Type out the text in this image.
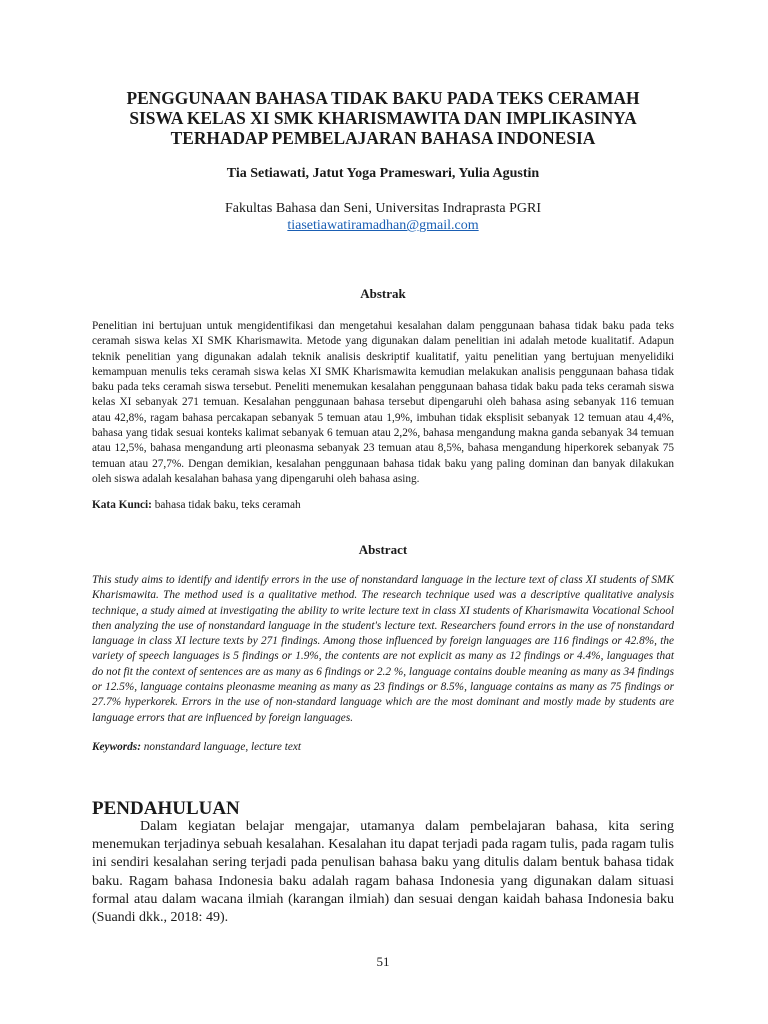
PENGGUNAAN BAHASA TIDAK BAKU PADA TEKS CERAMAH
SISWA KELAS XI SMK KHARISMAWITA DAN IMPLIKASINYA
TERHADAP PEMBELAJARAN BAHASA INDONESIA
Tia Setiawati, Jatut Yoga Prameswari, Yulia Agustin
Fakultas Bahasa dan Seni, Universitas Indraprasta PGRI
tiasetiawatiramadhan@gmail.com
Abstrak
Penelitian ini bertujuan untuk mengidentifikasi dan mengetahui kesalahan dalam penggunaan bahasa tidak baku pada teks ceramah siswa kelas XI SMK Kharismawita. Metode yang digunakan dalam penelitian ini adalah metode kualitatif. Adapun teknik penelitian yang digunakan adalah teknik analisis deskriptif kualitatif, yaitu penelitian yang bertujuan menyelidiki kemampuan menulis teks ceramah siswa kelas XI SMK Kharismawita kemudian melakukan analisis penggunaan bahasa tidak baku pada teks ceramah siswa tersebut. Peneliti menemukan kesalahan penggunaan bahasa tidak baku pada teks ceramah siswa kelas XI sebanyak 271 temuan. Kesalahan penggunaan bahasa tersebut dipengaruhi oleh bahasa asing sebanyak 116 temuan atau 42,8%, ragam bahasa percakapan sebanyak 5 temuan atau 1,9%, imbuhan tidak eksplisit sebanyak 12 temuan atau 4,4%, bahasa yang tidak sesuai konteks kalimat sebanyak 6 temuan atau 2,2%, bahasa mengandung makna ganda sebanyak 34 temuan atau 12,5%, bahasa mengandung arti pleonasma sebanyak 23 temuan atau 8,5%, bahasa mengandung hiperkorek sebanyak 75 temuan atau 27,7%. Dengan demikian, kesalahan penggunaan bahasa tidak baku yang paling dominan dan banyak dilakukan oleh siswa adalah kesalahan bahasa yang dipengaruhi oleh bahasa asing.
Kata Kunci: bahasa tidak baku, teks ceramah
Abstract
This study aims to identify and identify errors in the use of nonstandard language in the lecture text of class XI students of SMK Kharismawita. The method used is a qualitative method. The research technique used was a descriptive qualitative analysis technique, a study aimed at investigating the ability to write lecture text in class XI students of Kharismawita Vocational School then analyzing the use of nonstandard language in the student's lecture text. Researchers found errors in the use of nonstandard language in class XI lecture texts by 271 findings. Among those influenced by foreign languages are 116 findings or 42.8%, the variety of speech languages is 5 findings or 1.9%, the contents are not explicit as many as 12 findings or 4.4%, languages that do not fit the context of sentences are as many as 6 findings or 2.2 %, language contains double meaning as many as 34 findings or 12.5%, language contains pleonasme meaning as many as 23 findings or 8.5%, language contains as many as 75 findings or 27.7% hyperkorek. Errors in the use of non-standard language which are the most dominant and mostly made by students are language errors that are influenced by foreign languages.
Keywords: nonstandard language, lecture text
PENDAHULUAN
Dalam kegiatan belajar mengajar, utamanya dalam pembelajaran bahasa, kita sering menemukan terjadinya sebuah kesalahan. Kesalahan itu dapat terjadi pada ragam tulis, pada ragam tulis ini sendiri kesalahan sering terjadi pada penulisan bahasa baku yang ditulis dalam bentuk bahasa tidak baku. Ragam bahasa Indonesia baku adalah ragam bahasa Indonesia yang digunakan dalam situasi formal atau dalam wacana ilmiah (karangan ilmiah) dan sesuai dengan kaidah bahasa Indonesia baku (Suandi dkk., 2018: 49).
51
